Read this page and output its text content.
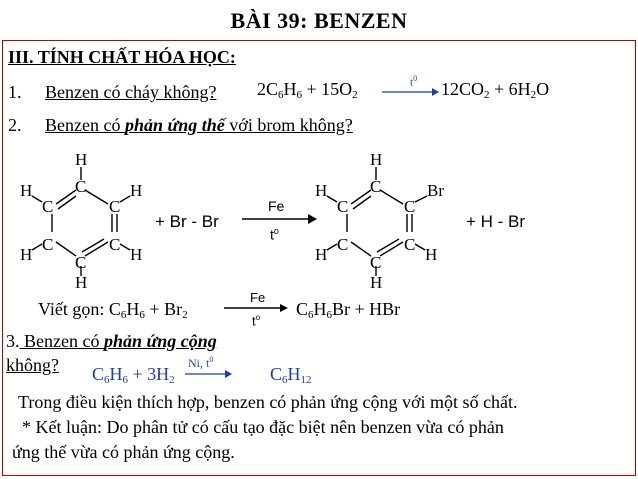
BÀI 39: BENZEN
III. TÍNH CHẤT HÓA HỌC:
1. Benzen có cháy không? $2C_6H_6 + 15O_2$
$t^0$
$12CO_2 + 6H_2O$
2. Benzen có phản ứng thế với brom không?
H
C
C
C
C
C
C
H
H
H
H
H
+ Br - Br
Fe
$t^o$
H
C
C
C
C
C
C
Br
H
H
H
H
+ H - Br
Viết gọn: $C_6H_6 + Br_2$
Fe
$t^o$ $C_6H_6Br$ + HBr
3. Benzen có phản ứng cộng
không? $C_6H_6 + 3H_2$
Ni, $t^0$
$C_6H_{12}$
Trong điều kiện thích hợp, benzen có phản ứng cộng với một số chất.
* Kết luận: Do phân tử có cấu tạo đặc biệt nên benzen vừa có phản
ứng thế vừa có phản ứng cộng.
